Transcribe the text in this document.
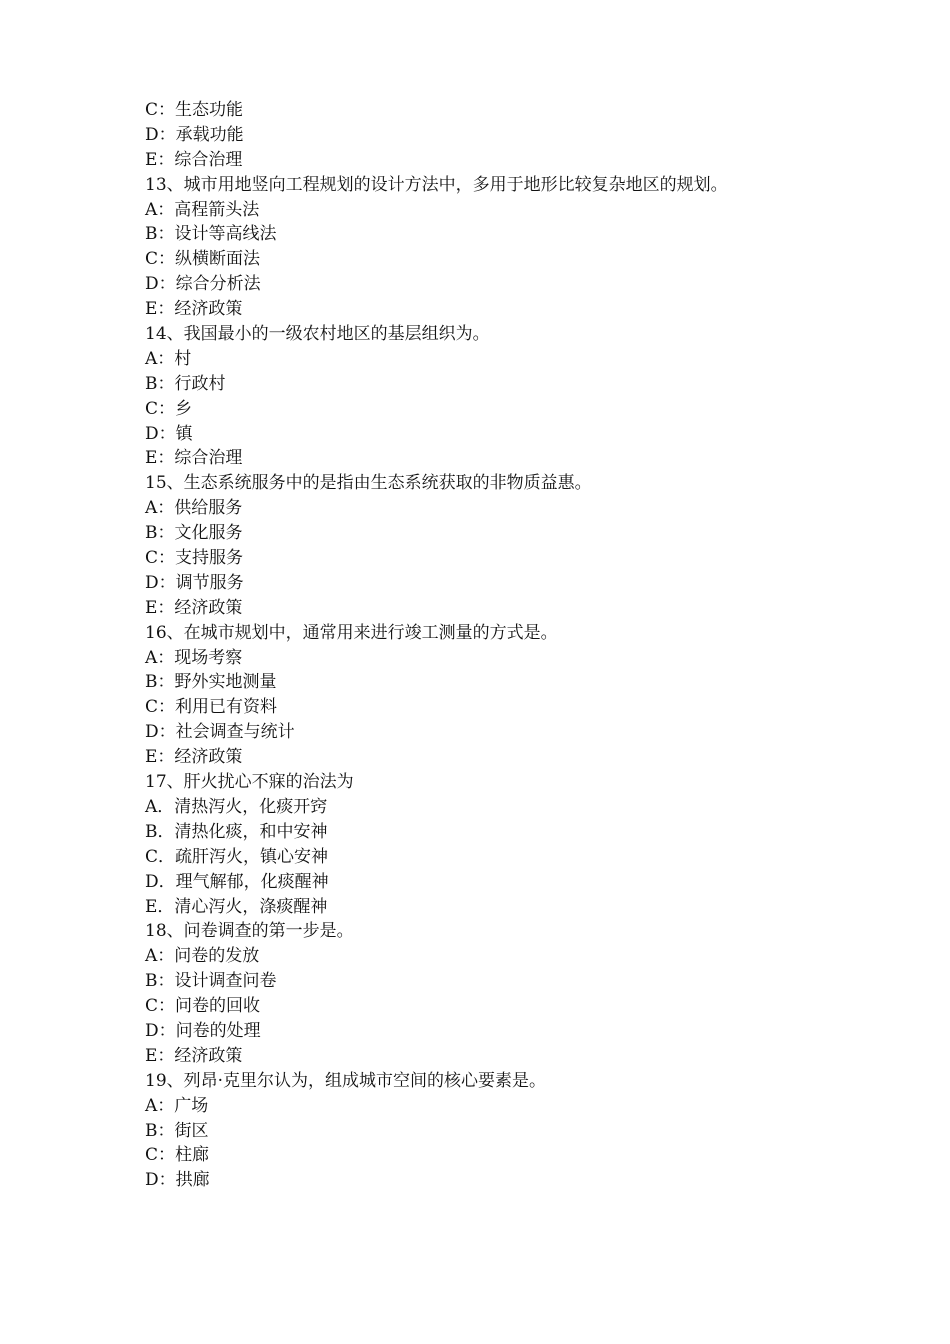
C：生态功能
D：承载功能
E：综合治理
13、城市用地竖向工程规划的设计方法中，多用于地形比较复杂地区的规划。
A：高程箭头法
B：设计等高线法
C：纵横断面法
D：综合分析法
E：经济政策
14、我国最小的一级农村地区的基层组织为。
A：村
B：行政村
C：乡
D：镇
E：综合治理
15、生态系统服务中的是指由生态系统获取的非物质益惠。
A：供给服务
B：文化服务
C：支持服务
D：调节服务
E：经济政策
16、在城市规划中，通常用来进行竣工测量的方式是。
A：现场考察
B：野外实地测量
C：利用已有资料
D：社会调查与统计
E：经济政策
17、肝火扰心不寐的治法为
A．清热泻火，化痰开窍
B．清热化痰，和中安神
C．疏肝泻火，镇心安神
D．理气解郁，化痰醒神
E．清心泻火，涤痰醒神
18、问卷调查的第一步是。
A：问卷的发放
B：设计调查问卷
C：问卷的回收
D：问卷的处理
E：经济政策
19、列昂·克里尔认为，组成城市空间的核心要素是。
A：广场
B：街区
C：柱廊
D：拱廊
